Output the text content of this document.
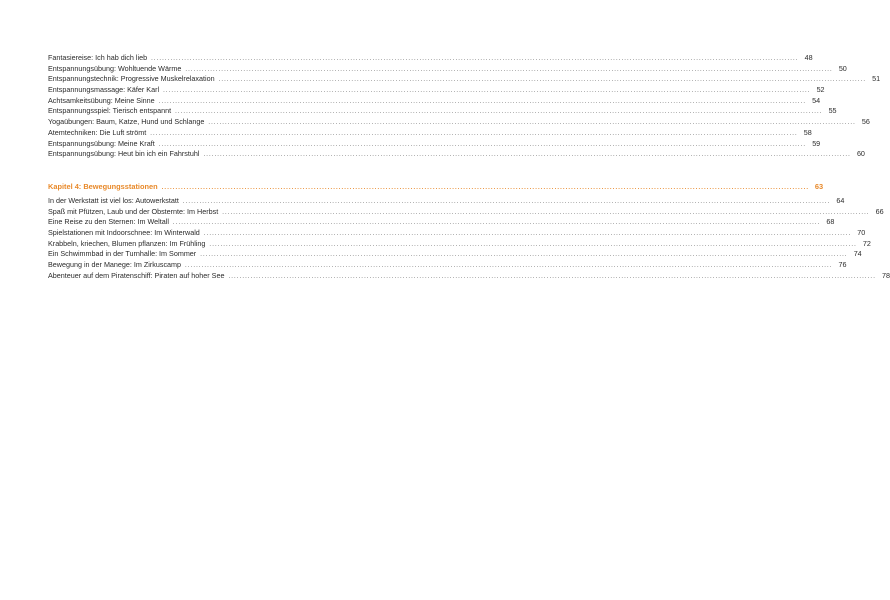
Fantasiereise: Ich hab dich lieb .......................................................................................................................................................................................................................................... 48
Entspannungsübung: Wohltuende Wärme .......................................................................................................................................................................................................................................... 50
Entspannungstechnik: Progressive Muskelrelaxation .......................................................................................................................................................................................................................................... 51
Entspannungsmassage: Käfer Karl .......................................................................................................................................................................................................................................... 52
Achtsamkeitsübung: Meine Sinne .......................................................................................................................................................................................................................................... 54
Entspannungsspiel: Tierisch entspannt .......................................................................................................................................................................................................................................... 55
Yogaübungen: Baum, Katze, Hund und Schlange .......................................................................................................................................................................................................................................... 56
Atemtechniken: Die Luft strömt .......................................................................................................................................................................................................................................... 58
Entspannungsübung: Meine Kraft .......................................................................................................................................................................................................................................... 59
Entspannungsübung: Heut bin ich ein Fahrstuhl .......................................................................................................................................................................................................................................... 60
Kapitel 4: Bewegungsstationen .......................................................................................................................................................................................................................................... 63
In der Werkstatt ist viel los: Autowerkstatt .......................................................................................................................................................................................................................................... 64
Spaß mit Pfützen, Laub und der Obsternte: Im Herbst .......................................................................................................................................................................................................................................... 66
Eine Reise zu den Sternen: Im Weltall .......................................................................................................................................................................................................................................... 68
Spielstationen mit Indoorschnee: Im Winterwald .......................................................................................................................................................................................................................................... 70
Krabbeln, kriechen, Blumen pflanzen: Im Frühling .......................................................................................................................................................................................................................................... 72
Ein Schwimmbad in der Turnhalle: Im Sommer .......................................................................................................................................................................................................................................... 74
Bewegung in der Manege: Im Zirkuscamp .......................................................................................................................................................................................................................................... 76
Abenteuer auf dem Piratenschiff: Piraten auf hoher See .......................................................................................................................................................................................................................................... 78
